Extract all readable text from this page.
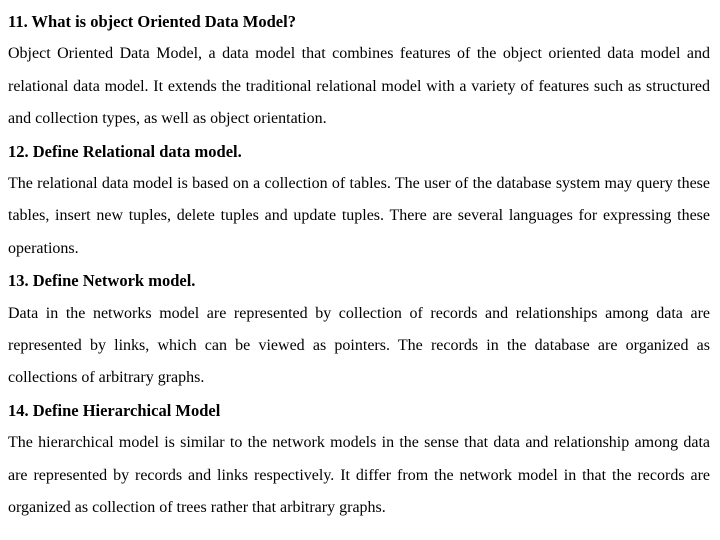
11. What is object Oriented Data Model?

Object Oriented Data Model, a data model that combines features of the object oriented data model and relational data model. It extends the traditional relational model with a variety of features such as structured and collection types, as well as object orientation.

12. Define Relational data model.

The relational data model is based on a collection of tables. The user of the database system may query these tables, insert new tuples, delete tuples and update tuples. There are several languages for expressing these operations.

13. Define Network model.

Data in the networks model are represented by collection of records and relationships among data are represented by links, which can be viewed as pointers. The records in the database are organized as collections of arbitrary graphs.

14. Define Hierarchical Model

The hierarchical model is similar to the network models in the sense that data and relationship among data are represented by records and links respectively. It differ from the network model in that the records are organized as collection of trees rather that arbitrary graphs.
